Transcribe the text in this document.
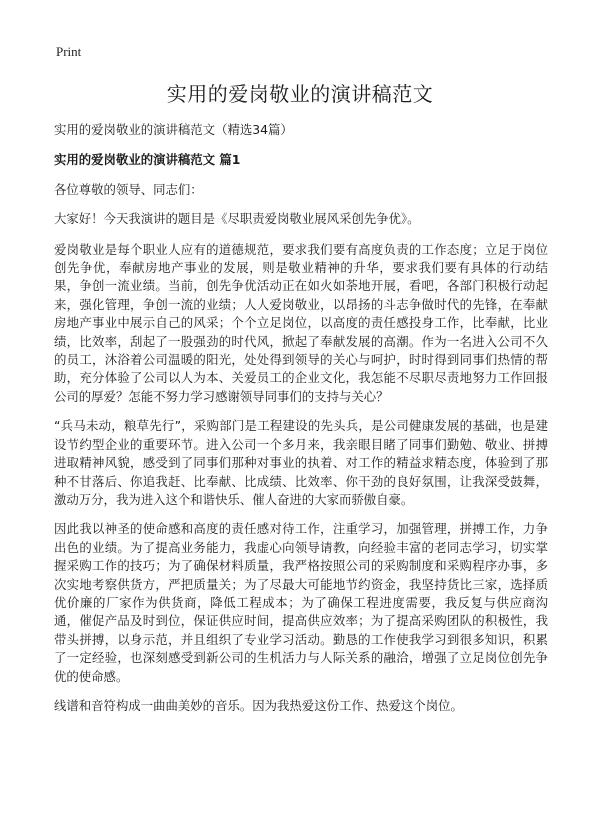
Print
实用的爱岗敬业的演讲稿范文

实用的爱岗敬业的演讲稿范文（精选34篇）

实用的爱岗敬业的演讲稿范文 篇1

各位尊敬的领导、同志们：

大家好！今天我演讲的题目是《尽职责爱岗敬业展风采创先争优》。

爱岗敬业是每个职业人应有的道德规范，要求我们要有高度负责的工作态度；立足于岗位创先争优，奉献房地产事业的发展，则是敬业精神的升华，要求我们要有具体的行动结果，争创一流业绩。当前，创先争优活动正在如火如荼地开展，看吧，各部门积极行动起来，强化管理，争创一流的业绩；人人爱岗敬业，以昂扬的斗志争做时代的先锋，在奉献房地产事业中展示自己的风采；个个立足岗位，以高度的责任感投身工作，比奉献，比业绩，比效率，刮起了一股强劲的时代风，掀起了奉献发展的高潮。作为一名进入公司不久的员工，沐浴着公司温暖的阳光，处处得到领导的关心与呵护，时时得到同事们热情的帮助，充分体验了公司以人为本、关爱员工的企业文化，我怎能不尽职尽责地努力工作回报公司的厚爱？怎能不努力学习感谢领导同事们的支持与关心？

“兵马未动，粮草先行”，采购部门是工程建设的先头兵，是公司健康发展的基础，也是建设节约型企业的重要环节。进入公司一个多月来，我亲眼目睹了同事们勤勉、敬业、拼搏进取精神风貌，感受到了同事们那种对事业的执着、对工作的精益求精态度，体验到了那种不甘落后、你追我赶、比奉献、比成绩、比效率、你干劲的良好氛围，让我深受鼓舞，激动万分，我为进入这个和谐快乐、催人奋进的大家而骄傲自豪。

因此我以神圣的使命感和高度的责任感对待工作，注重学习，加强管理，拼搏工作，力争出色的业绩。为了提高业务能力，我虚心向领导请教，向经验丰富的老同志学习，切实掌握采购工作的技巧；为了确保材料质量，我严格按照公司的采购制度和采购程序办事，多次实地考察供货方，严把质量关；为了尽最大可能地节约资金，我坚持货比三家，选择质优价廉的厂家作为供货商，降低工程成本；为了确保工程进度需要，我反复与供应商沟通，催促产品及时到位，保证供应时间，提高供应效率；为了提高采购团队的积极性，我带头拼搏，以身示范，并且组织了专业学习活动。勤恳的工作使我学习到很多知识，积累了一定经验，也深刻感受到新公司的生机活力与人际关系的融洽，增强了立足岗位创先争优的使命感。

线谱和音符构成一曲曲美妙的音乐。因为我热爱这份工作、热爱这个岗位。
